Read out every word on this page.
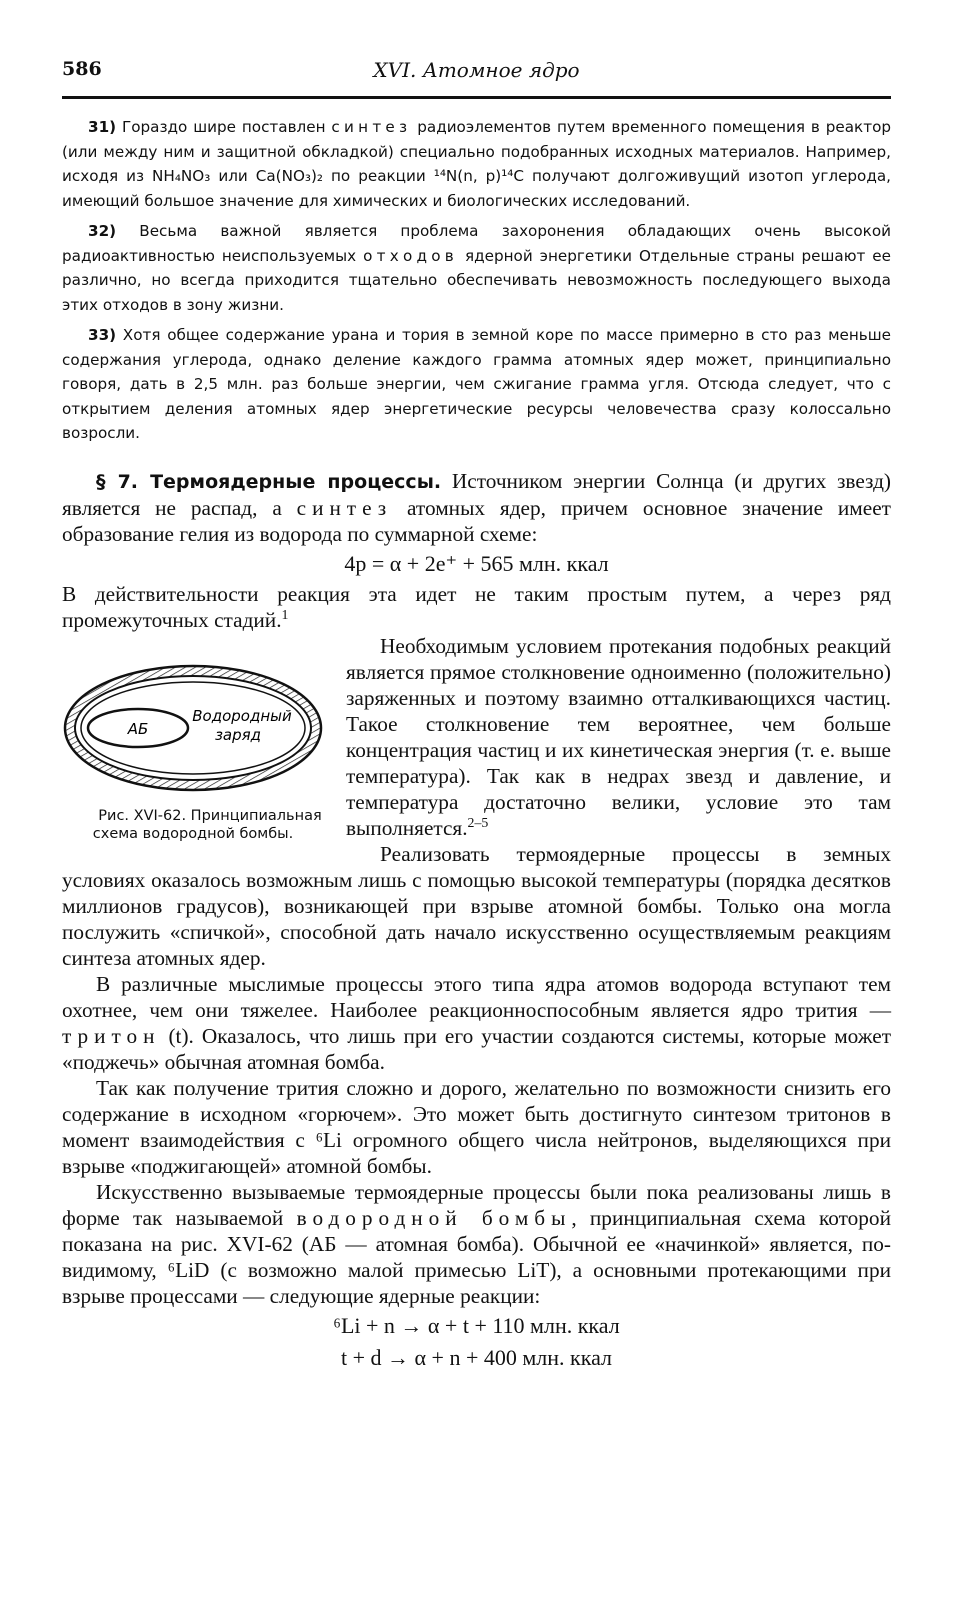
586	XVI. Атомное ядро

31) Гораздо шире поставлен синтез радиоэлементов путем временного помещения в реактор (или между ним и защитной обкладкой) специально подобранных исходных материалов. Например, исходя из NH₄NO₃ или Ca(NO₃)₂ по реакции ¹⁴N(n, p)¹⁴C получают долгоживущий изотоп углерода, имеющий большое значение для химических и биологических исследований.

32) Весьма важной является проблема захоронения обладающих очень высокой радиоактивностью неиспользуемых отходов ядерной энергетики Отдельные страны решают ее различно, но всегда приходится тщательно обеспечивать невозможность последующего выхода этих отходов в зону жизни.

33) Хотя общее содержание урана и тория в земной коре по массе примерно в сто раз меньше содержания углерода, однако деление каждого грамма атомных ядер может, принципиально говоря, дать в 2,5 млн. раз больше энергии, чем сжигание грамма угля. Отсюда следует, что с открытием деления атомных ядер энергетические ресурсы человечества сразу колоссально возросли.

§ 7. Термоядерные процессы. Источником энергии Солнца (и других звезд) является не распад, а синтез атомных ядер, причем основное значение имеет образование гелия из водорода по суммарной схеме:

4p = α + 2e⁺ + 565 млн. ккал

В действительности реакция эта идет не таким простым путем, а через ряд промежуточных стадий.$^1$

АБ
Водородный
заряд
Рис. XVI-62. Принципиальная схема водородной бомбы.
Необходимым условием протекания подобных реакций является прямое столкновение одноименно (положительно) заряженных и поэтому взаимно отталкивающихся частиц. Такое столкновение тем вероятнее, чем больше концентрация частиц и их кинетическая энергия (т. е. выше температура). Так как в недрах звезд и давление, и температура достаточно велики, условие это там выполняется.$^{2-5}$

Реализовать термоядерные процессы в земных условиях оказалось возможным лишь с помощью высокой температуры (порядка десятков миллионов градусов), возникающей при взрыве атомной бомбы. Только она могла послужить «спичкой», способной дать начало искусственно осуществляемым реакциям синтеза атомных ядер.

В различные мыслимые процессы этого типа ядра атомов водорода вступают тем охотнее, чем они тяжелее. Наиболее реакционноспособным является ядро трития — тритон (t). Оказалось, что лишь при его участии создаются системы, которые может «поджечь» обычная атомная бомба.

Так как получение трития сложно и дорого, желательно по возможности снизить его содержание в исходном «горючем». Это может быть достигнуто синтезом тритонов в момент взаимодействия с ⁶Li огромного общего числа нейтронов, выделяющихся при взрыве «поджигающей» атомной бомбы.

Искусственно вызываемые термоядерные процессы были пока реализованы лишь в форме так называемой водородной бомбы, принципиальная схема которой показана на рис. XVI-62 (АБ — атомная бомба). Обычной ее «начинкой» является, по-видимому, ⁶LiD (с возможно малой примесью LiT), а основными протекающими при взрыве процессами — следующие ядерные реакции:

⁶Li + n → α + t + 110 млн. ккал
t + d → α + n + 400 млн. ккал
